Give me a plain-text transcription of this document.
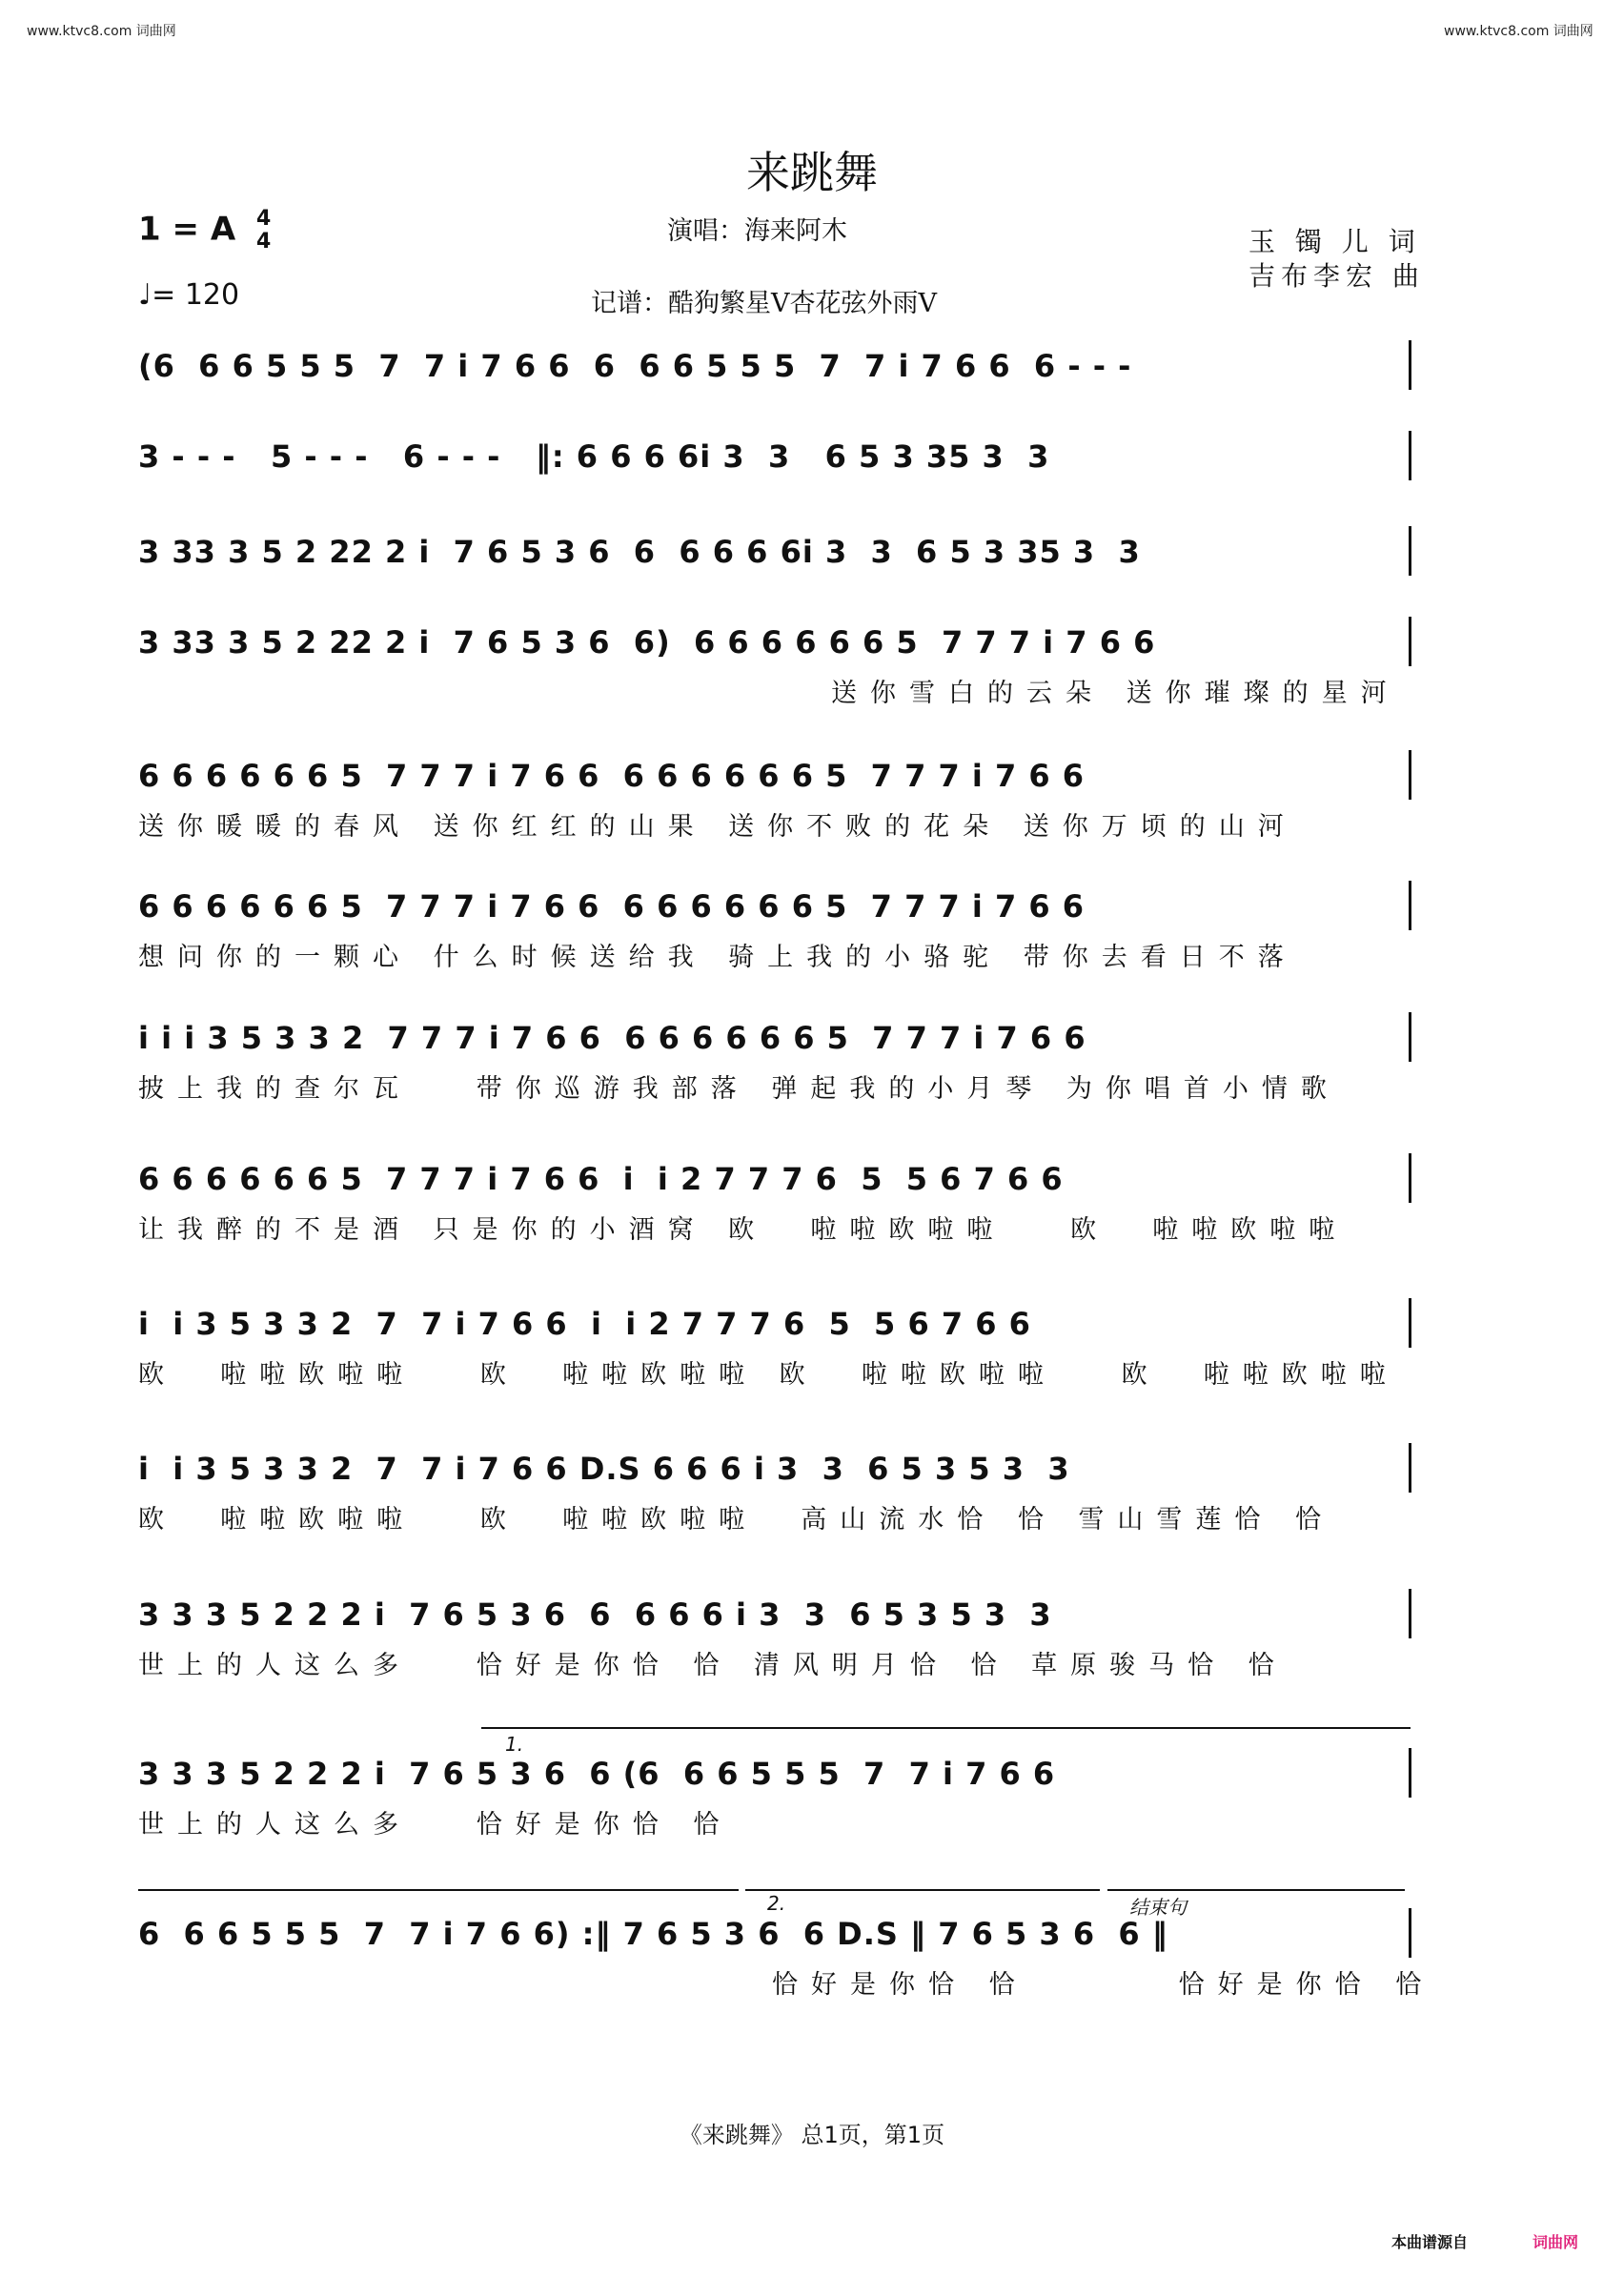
www.ktvc8.com 词曲网	www.ktvc8.com 词曲网
来跳舞
1 = A 4
4
♩= 120
演唱：海来阿木
记谱：酷狗繁星V杏花弦外雨V
玉 镯 儿 词
吉布李宏 曲
(6  6 6 5 5 5  7  7 i 7 6 6  6  6 6 5 5 5  7  7 i 7 6 6  6 - - -
3 - - -   5 - - -   6 - - -   ‖: 6 6 6 6i 3  3   6 5 3 35 3  3
3 33 3 5 2 22 2 i  7 6 5 3 6  6  6 6 6 6i 3  3  6 5 3 35 3  3
3 33 3 5 2 22 2 i  7 6 5 3 6  6)  6 6 6 6 6 6 5  7 7 7 i 7 6 6
送你雪白的云朵 送你璀璨的星河
6 6 6 6 6 6 5  7 7 7 i 7 6 6  6 6 6 6 6 6 5  7 7 7 i 7 6 6
送你暖暖的春风 送你红红的山果 送你不败的花朵 送你万顷的山河
6 6 6 6 6 6 5  7 7 7 i 7 6 6  6 6 6 6 6 6 5  7 7 7 i 7 6 6
想问你的一颗心 什么时候送给我 骑上我的小骆驼 带你去看日不落
i i i 3 5 3 3 2  7 7 7 i 7 6 6  6 6 6 6 6 6 5  7 7 7 i 7 6 6
披上我的查尔瓦   带你巡游我部落 弹起我的小月琴 为你唱首小情歌
6 6 6 6 6 6 5  7 7 7 i 7 6 6  i  i 2 7 7 7 6  5  5 6 7 6 6
让我醉的不是酒 只是你的小酒窝 欧  啦啦欧啦啦   欧  啦啦欧啦啦
i  i 3 5 3 3 2  7  7 i 7 6 6  i  i 2 7 7 7 6  5  5 6 7 6 6
欧  啦啦欧啦啦   欧  啦啦欧啦啦 欧  啦啦欧啦啦   欧  啦啦欧啦啦
i  i 3 5 3 3 2  7  7 i 7 6 6 D.S 6 6 6 i 3  3  6 5 3 5 3  3
欧  啦啦欧啦啦   欧  啦啦欧啦啦  高山流水恰 恰 雪山雪莲恰 恰
3 3 3 5 2 2 2 i  7 6 5 3 6  6  6 6 6 i 3  3  6 5 3 5 3  3
世上的人这么多   恰好是你恰 恰 清风明月恰 恰 草原骏马恰 恰
3 3 3 5 2 2 2 i  7 6 5 3 6  6 (6  6 6 5 5 5  7  7 i 7 6 6
世上的人这么多   恰好是你恰 恰
6  6 6 5 5 5  7  7 i 7 6 6) :‖ 7 6 5 3 6  6 D.S ‖ 7 6 5 3 6  6 ‖
恰好是你恰 恰       恰好是你恰 恰
1.
2.	结束句
《来跳舞》 总1页，第1页
本曲谱源自	词曲网
